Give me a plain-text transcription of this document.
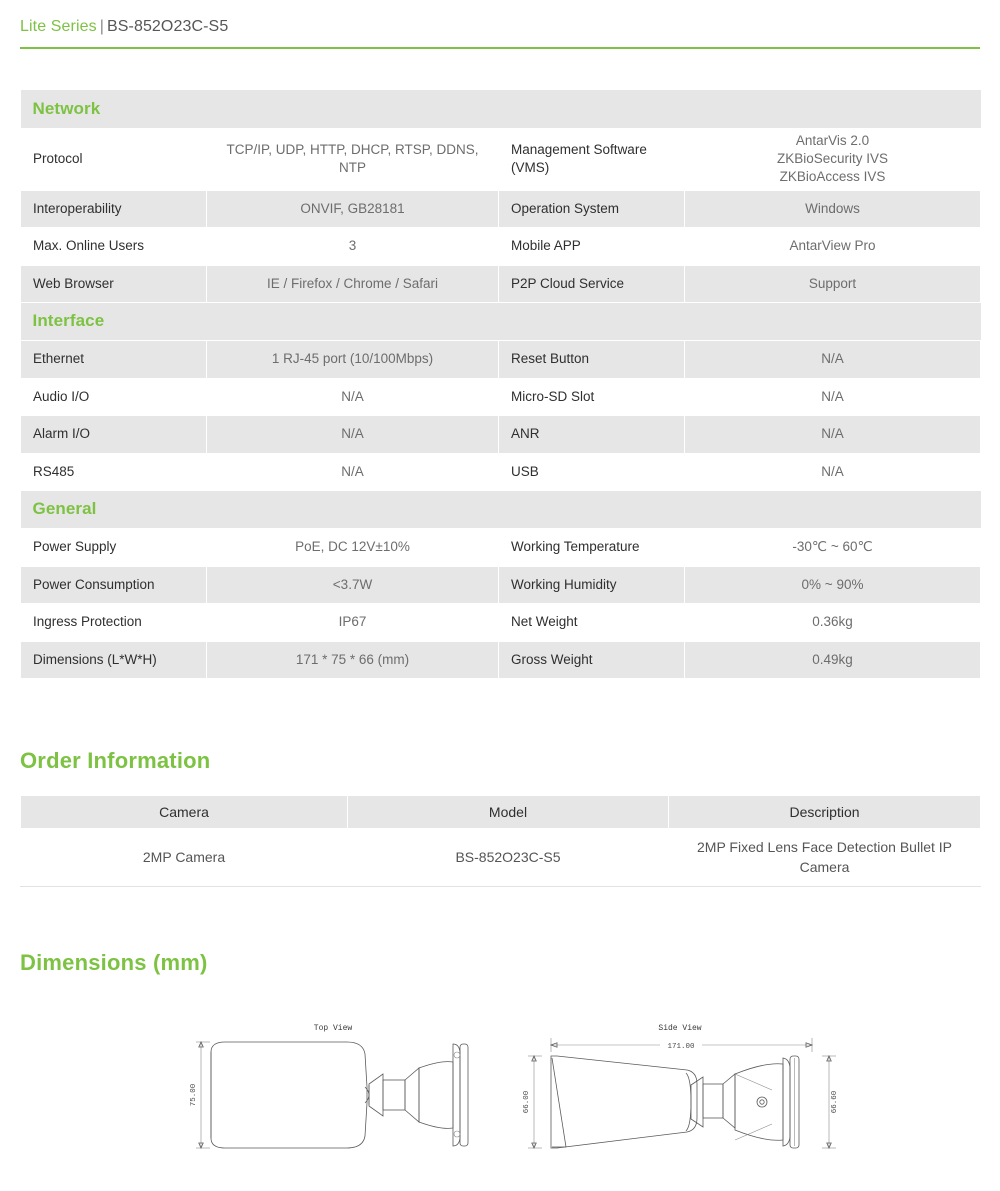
Lite Series | BS-852O23C-S5
Network			
Protocol	TCP/IP, UDP, HTTP, DHCP, RTSP, DDNS, NTP	Management Software (VMS)	AntarVis 2.0
ZKBioSecurity IVS
ZKBioAccess IVS
Interoperability	ONVIF, GB28181	Operation System	Windows
Max. Online Users	3	Mobile APP	AntarView Pro
Web Browser	IE / Firefox / Chrome / Safari	P2P Cloud Service	Support
Interface			
Ethernet	1 RJ-45 port (10/100Mbps)	Reset Button	N/A
Audio I/O	N/A	Micro-SD Slot	N/A
Alarm I/O	N/A	ANR	N/A
RS485	N/A	USB	N/A
General			
Power Supply	PoE, DC 12V±10%	Working Temperature	-30℃ ~ 60℃
Power Consumption	<3.7W	Working Humidity	0% ~ 90%
Ingress Protection	IP67	Net Weight	0.36kg
Dimensions (L*W*H)	171 * 75 * 66 (mm)	Gross Weight	0.49kg
Order Information
Camera	Model	Description
2MP Camera	BS-852O23C-S5	2MP Fixed Lens Face Detection Bullet IP Camera
Dimensions (mm)
Top View
75.00
Side View
171.00
66.00	66.60
